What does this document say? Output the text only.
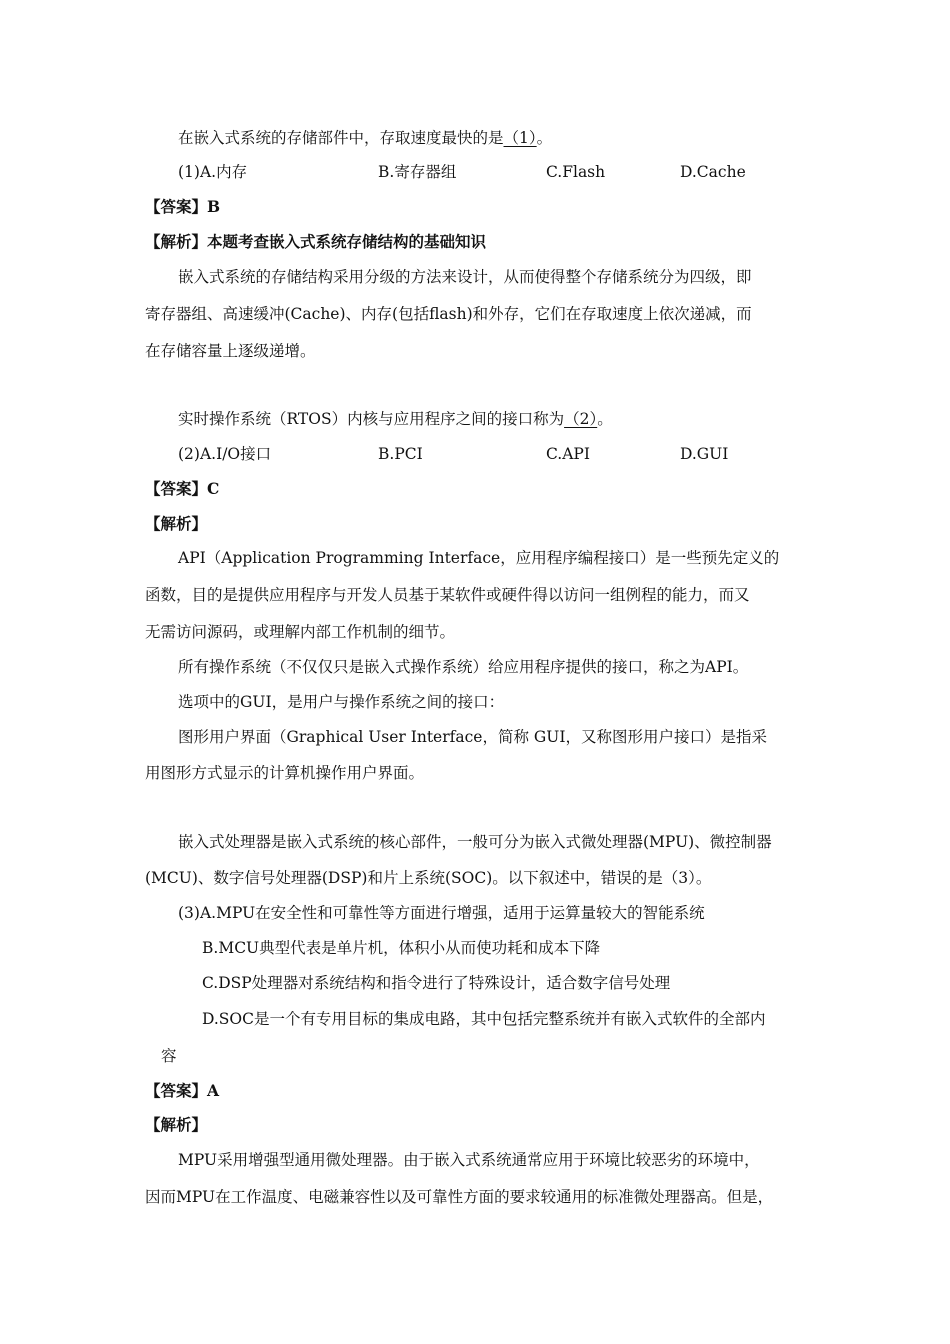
在嵌入式系统的存储部件中，存取速度最快的是（1）。
(1)A.内存	B.寄存器组	C.Flash	D.Cache
【答案】B
【解析】本题考查嵌入式系统存储结构的基础知识
嵌入式系统的存储结构采用分级的方法来设计，从而使得整个存储系统分为四级，即
寄存器组、高速缓冲(Cache)、内存(包括flash)和外存，它们在存取速度上依次递减，而
在存储容量上逐级递增。
实时操作系统（RTOS）内核与应用程序之间的接口称为（2）。
(2)A.I/O接口	B.PCI	C.API	D.GUI
【答案】C
【解析】
API（Application Programming Interface，应用程序编程接口）是一些预先定义的
函数，目的是提供应用程序与开发人员基于某软件或硬件得以访问一组例程的能力，而又
无需访问源码，或理解内部工作机制的细节。
所有操作系统（不仅仅只是嵌入式操作系统）给应用程序提供的接口，称之为API。
选项中的GUI，是用户与操作系统之间的接口：
图形用户界面（Graphical User Interface，简称 GUI，又称图形用户接口）是指采
用图形方式显示的计算机操作用户界面。
嵌入式处理器是嵌入式系统的核心部件，一般可分为嵌入式微处理器(MPU)、微控制器
(MCU)、数字信号处理器(DSP)和片上系统(SOC)。以下叙述中，错误的是（3）。
(3)A.MPU在安全性和可靠性等方面进行增强，适用于运算量较大的智能系统
B.MCU典型代表是单片机，体积小从而使功耗和成本下降
C.DSP处理器对系统结构和指令进行了特殊设计，适合数字信号处理
D.SOC是一个有专用目标的集成电路，其中包括完整系统并有嵌入式软件的全部内
容
【答案】A
【解析】
MPU采用增强型通用微处理器。由于嵌入式系统通常应用于环境比较恶劣的环境中，
因而MPU在工作温度、电磁兼容性以及可靠性方面的要求较通用的标准微处理器高。但是，
